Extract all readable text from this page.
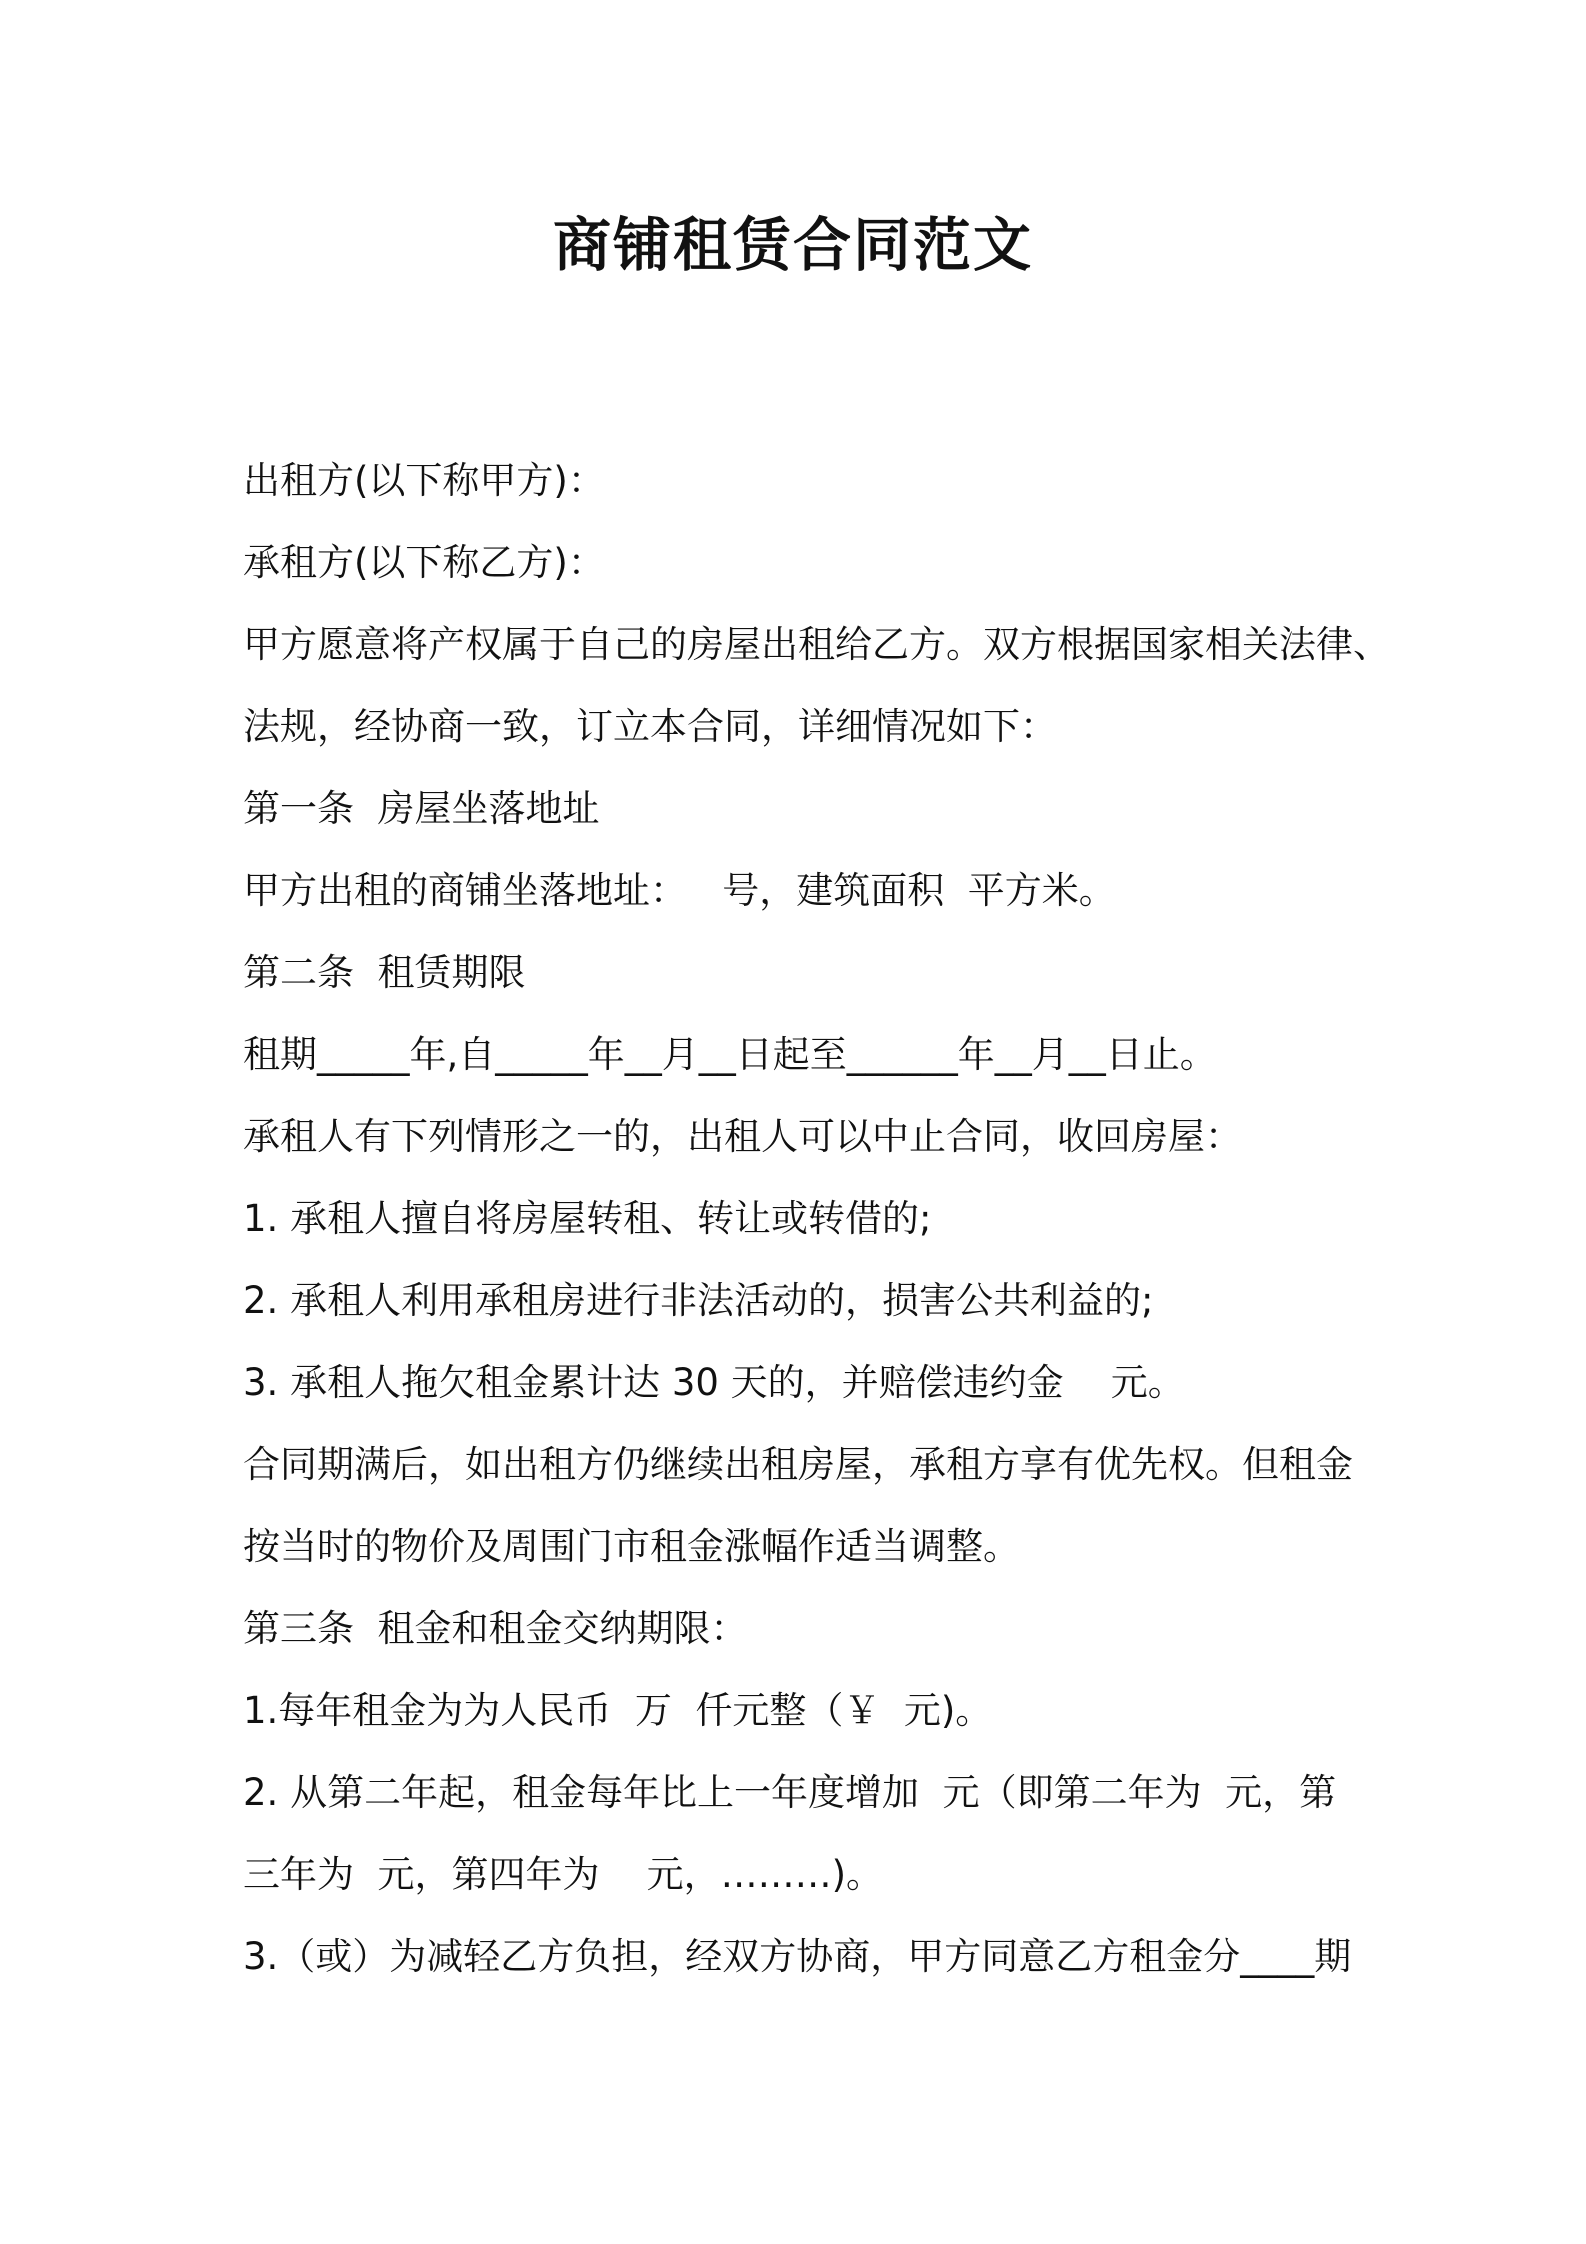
商铺租赁合同范文

出租方(以下称甲方)：

承租方(以下称乙方)：

甲方愿意将产权属于自己的房屋出租给乙方。双方根据国家相关法律、

法规，经协商一致，订立本合同，详细情况如下：

第一条  房屋坐落地址

甲方出租的商铺坐落地址：   号，建筑面积  平方米。

第二条  租赁期限

租期_____年,自_____年__月__日起至______年__月__日止。

承租人有下列情形之一的，出租人可以中止合同，收回房屋：

1. 承租人擅自将房屋转租、转让或转借的;

2. 承租人利用承租房进行非法活动的，损害公共利益的;

3. 承租人拖欠租金累计达 30 天的，并赔偿违约金    元。

合同期满后，如出租方仍继续出租房屋，承租方享有优先权。但租金

按当时的物价及周围门市租金涨幅作适当调整。

第三条  租金和租金交纳期限：

1.每年租金为为人民币  万  仟元整（￥  元)。

2. 从第二年起，租金每年比上一年度增加  元（即第二年为  元，第

三年为  元，第四年为    元，………)。

3.（或）为减轻乙方负担，经双方协商，甲方同意乙方租金分____期
